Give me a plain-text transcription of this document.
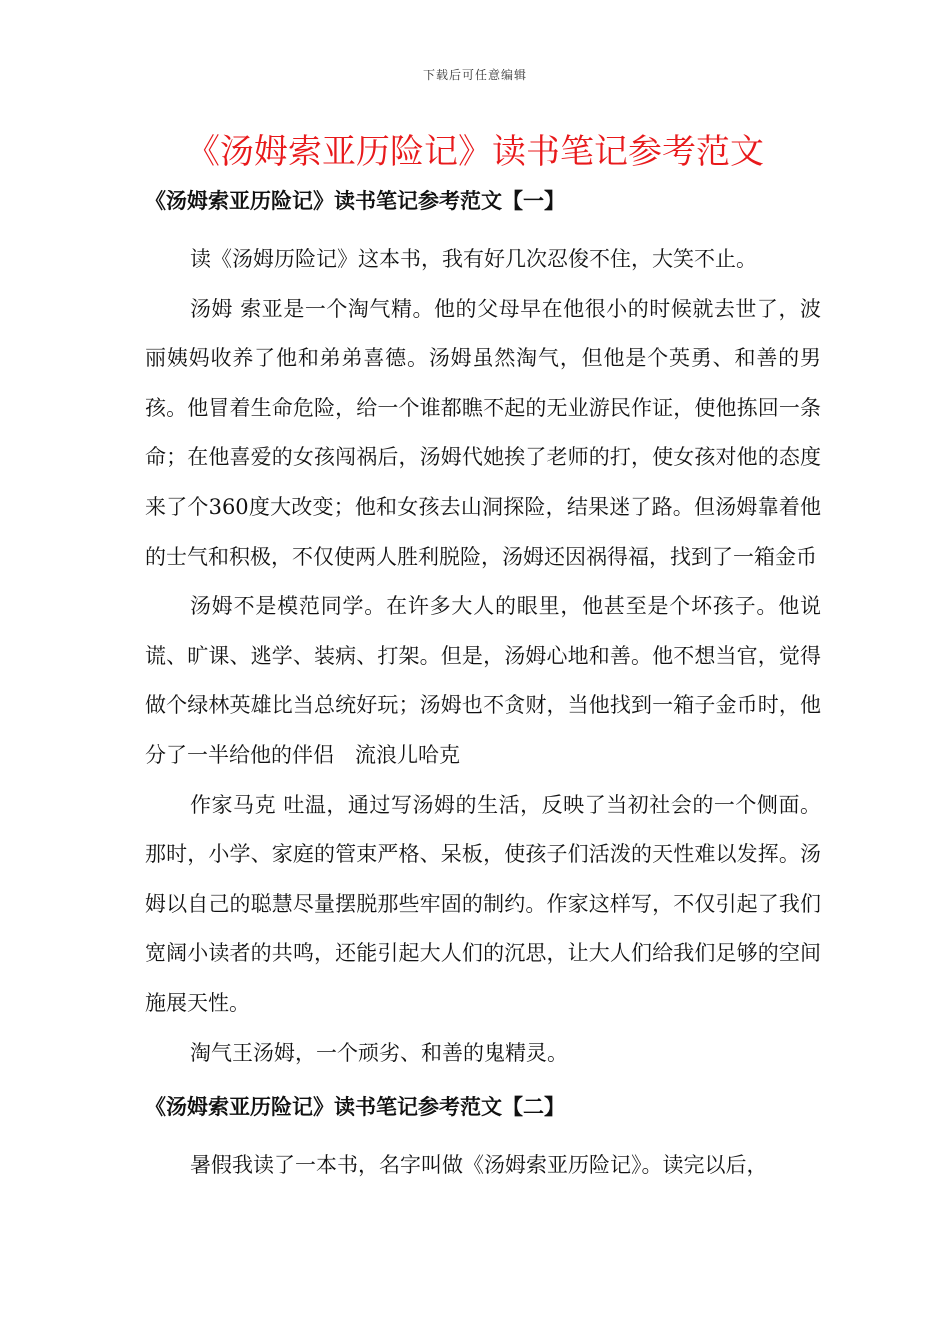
下载后可任意编辑
《汤姆索亚历险记》读书笔记参考范文
《汤姆索亚历险记》读书笔记参考范文【一】

读《汤姆历险记》这本书，我有好几次忍俊不住，大笑不止。

汤姆 索亚是一个淘气精。他的父母早在他很小的时候就去世了，波丽姨妈收养了他和弟弟喜德。汤姆虽然淘气，但他是个英勇、和善的男孩。他冒着生命危险，给一个谁都瞧不起的无业游民作证，使他拣回一条命；在他喜爱的女孩闯祸后，汤姆代她挨了老师的打，使女孩对他的态度来了个360度大改变；他和女孩去山洞探险，结果迷了路。但汤姆靠着他的士气和积极，不仅使两人胜利脱险，汤姆还因祸得福，找到了一箱金币

汤姆不是模范同学。在许多大人的眼里，他甚至是个坏孩子。他说谎、旷课、逃学、装病、打架。但是，汤姆心地和善。他不想当官，觉得做个绿林英雄比当总统好玩；汤姆也不贪财，当他找到一箱子金币时，他分了一半给他的伴侣　流浪儿哈克

作家马克 吐温，通过写汤姆的生活，反映了当初社会的一个侧面。那时，小学、家庭的管束严格、呆板，使孩子们活泼的天性难以发挥。汤姆以自己的聪慧尽量摆脱那些牢固的制约。作家这样写，不仅引起了我们宽阔小读者的共鸣，还能引起大人们的沉思，让大人们给我们足够的空间施展天性。

淘气王汤姆，一个顽劣、和善的鬼精灵。

《汤姆索亚历险记》读书笔记参考范文【二】

暑假我读了一本书，名字叫做《汤姆索亚历险记》。读完以后，
